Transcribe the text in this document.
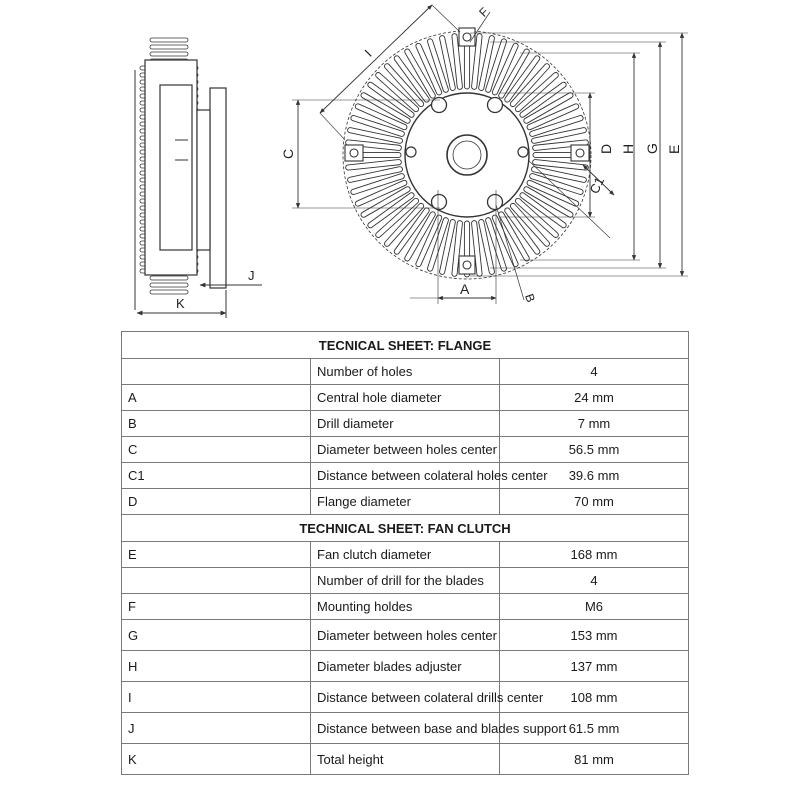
K
J
C	D H G E
A
B
I
F
C1
TECNICAL SHEET: FLANGE		
	Number of holes	4
A	Central hole diameter	24 mm
B	Drill diameter	7 mm
C	Diameter between holes center	56.5 mm
C1	Distance between colateral holes center	39.6 mm
D	Flange diameter	70 mm
TECHNICAL SHEET: FAN CLUTCH		
E	Fan clutch diameter	168 mm
	Number of drill for the blades	4
F	Mounting holdes	M6
G	Diameter between holes center	153 mm
H	Diameter blades adjuster	137 mm
I	Distance between colateral drills center	108 mm
J	Distance between base and blades support	61.5 mm
K	Total height	81 mm
